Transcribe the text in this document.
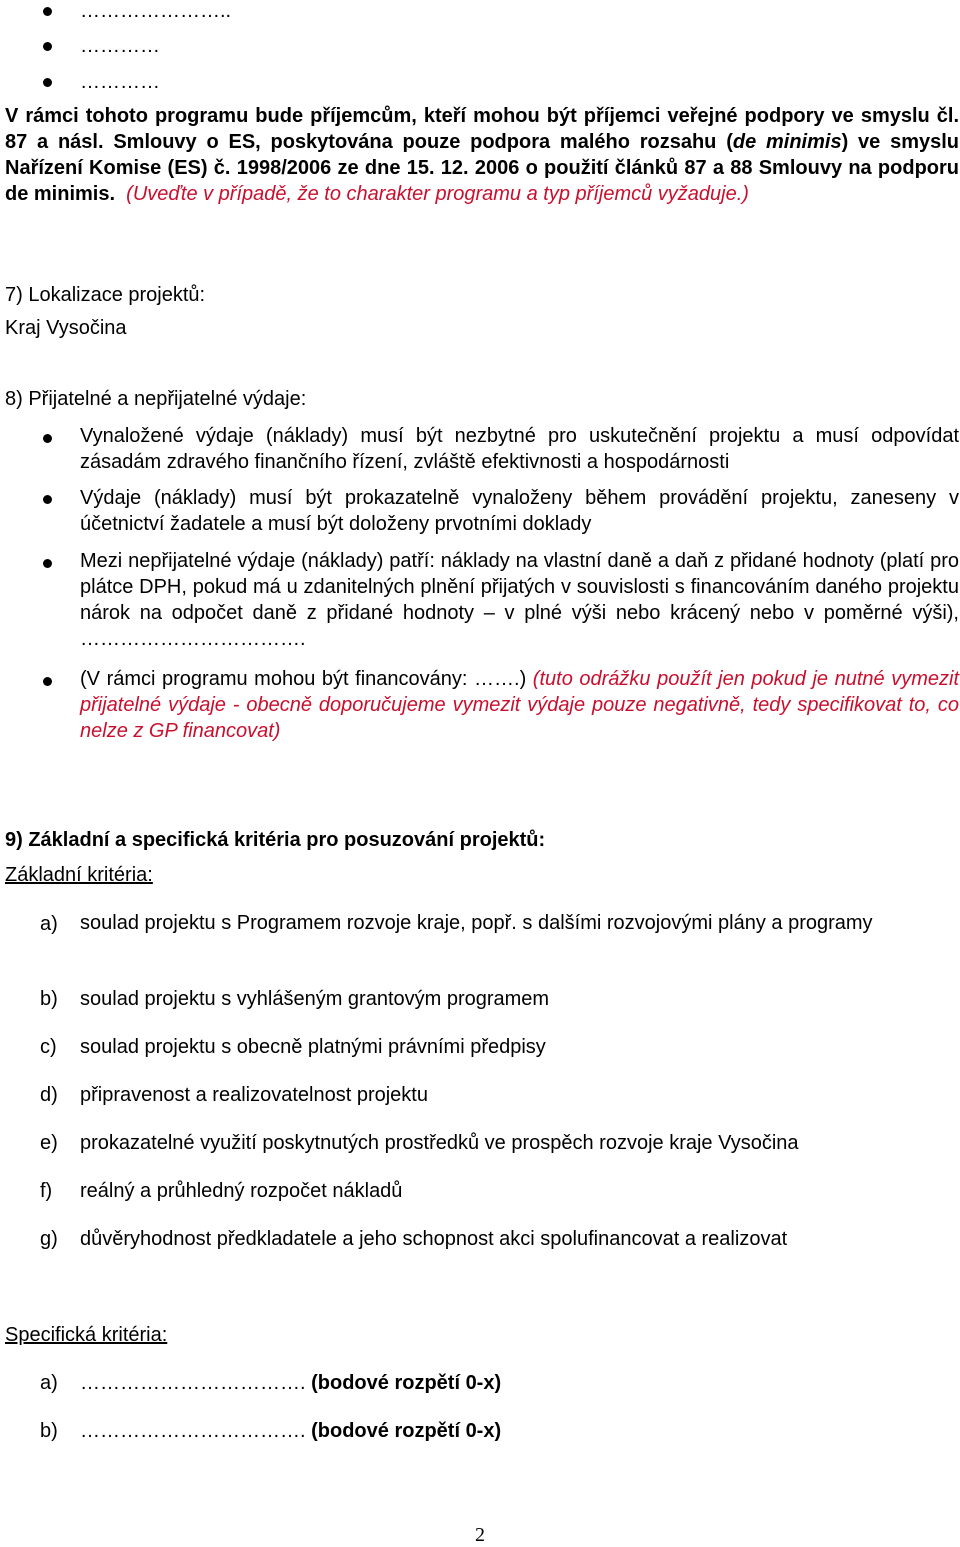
…………………..
…………
…………
V rámci tohoto programu bude příjemcům, kteří mohou být příjemci veřejné podpory ve smyslu čl. 87 a násl. Smlouvy o ES, poskytována pouze podpora malého rozsahu (de minimis) ve smyslu Nařízení Komise (ES) č. 1998/2006 ze dne 15. 12. 2006 o použití článků 87 a 88 Smlouvy na podporu de minimis. (Uveďte v případě, že to charakter programu a typ příjemců vyžaduje.)
7) Lokalizace projektů:
Kraj Vysočina
8) Přijatelné a nepřijatelné výdaje:
Vynaložené výdaje (náklady) musí být nezbytné pro uskutečnění projektu a musí odpovídat zásadám zdravého finančního řízení, zvláště efektivnosti a hospodárnosti
Výdaje (náklady) musí být prokazatelně vynaloženy během provádění projektu, zaneseny v účetnictví žadatele a musí být doloženy prvotními doklady
Mezi nepřijatelné výdaje (náklady) patří: náklady na vlastní daně a daň z přidané hodnoty (platí pro plátce DPH, pokud má u zdanitelných plnění přijatých v souvislosti s financováním daného projektu nárok na odpočet daně z přidané hodnoty – v plné výši nebo krácený nebo v poměrné výši), …………………………….
(V rámci programu mohou být financovány: …….) (tuto odrážku použít jen pokud je nutné vymezit přijatelné výdaje - obecně doporučujeme vymezit výdaje pouze negativně, tedy specifikovat to, co nelze z GP financovat)
9) Základní a specifická kritéria pro posuzování projektů:
Základní kritéria:
a) soulad projektu s Programem rozvoje kraje, popř. s dalšími rozvojovými plány a programy
b) soulad projektu s vyhlášeným grantovým programem
c) soulad projektu s obecně platnými právními předpisy
d) připravenost a realizovatelnost projektu
e) prokazatelné využití poskytnutých prostředků ve prospěch rozvoje kraje Vysočina
f) reálný a průhledný rozpočet nákladů
g) důvěryhodnost předkladatele a jeho schopnost akci spolufinancovat a realizovat
Specifická kritéria:
a) ……………………………. (bodové rozpětí 0-x)
b) ……………………………. (bodové rozpětí 0-x)
2
